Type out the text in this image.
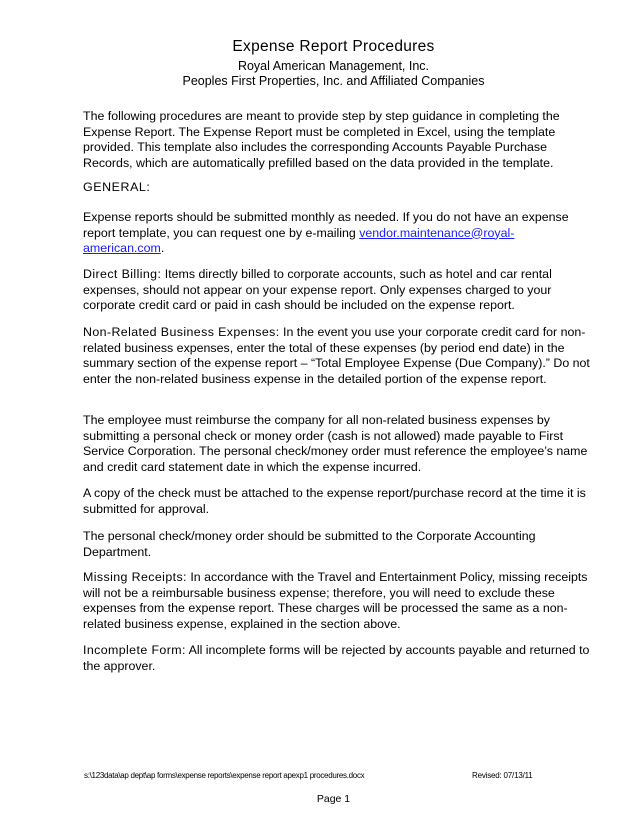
Expense Report Procedures
Royal American Management, Inc.
Peoples First Properties, Inc. and Affiliated Companies
The following procedures are meant to provide step by step guidance in completing the Expense Report. The Expense Report must be completed in Excel, using the template provided. This template also includes the corresponding Accounts Payable Purchase Records, which are automatically prefilled based on the data provided in the template.
GENERAL:
Expense reports should be submitted monthly as needed. If you do not have an expense report template, you can request one by e-mailing vendor.maintenance@royal-american.com.
Direct Billing: Items directly billed to corporate accounts, such as hotel and car rental expenses, should not appear on your expense report. Only expenses charged to your corporate credit card or paid in cash should be included on the expense report.
Non-Related Business Expenses: In the event you use your corporate credit card for non-related business expenses, enter the total of these expenses (by period end date) in the summary section of the expense report – “Total Employee Expense (Due Company).” Do not enter the non-related business expense in the detailed portion of the expense report.
The employee must reimburse the company for all non-related business expenses by submitting a personal check or money order (cash is not allowed) made payable to First Service Corporation. The personal check/money order must reference the employee’s name and credit card statement date in which the expense incurred.
A copy of the check must be attached to the expense report/purchase record at the time it is submitted for approval.
The personal check/money order should be submitted to the Corporate Accounting Department.
Missing Receipts: In accordance with the Travel and Entertainment Policy, missing receipts will not be a reimbursable business expense; therefore, you will need to exclude these expenses from the expense report. These charges will be processed the same as a non-related business expense, explained in the section above.
Incomplete Form: All incomplete forms will be rejected by accounts payable and returned to the approver.
s:\123data\ap dept\ap forms\expense reports\expense report apexp1 procedures.docx	Revised: 07/13/11
Page 1
